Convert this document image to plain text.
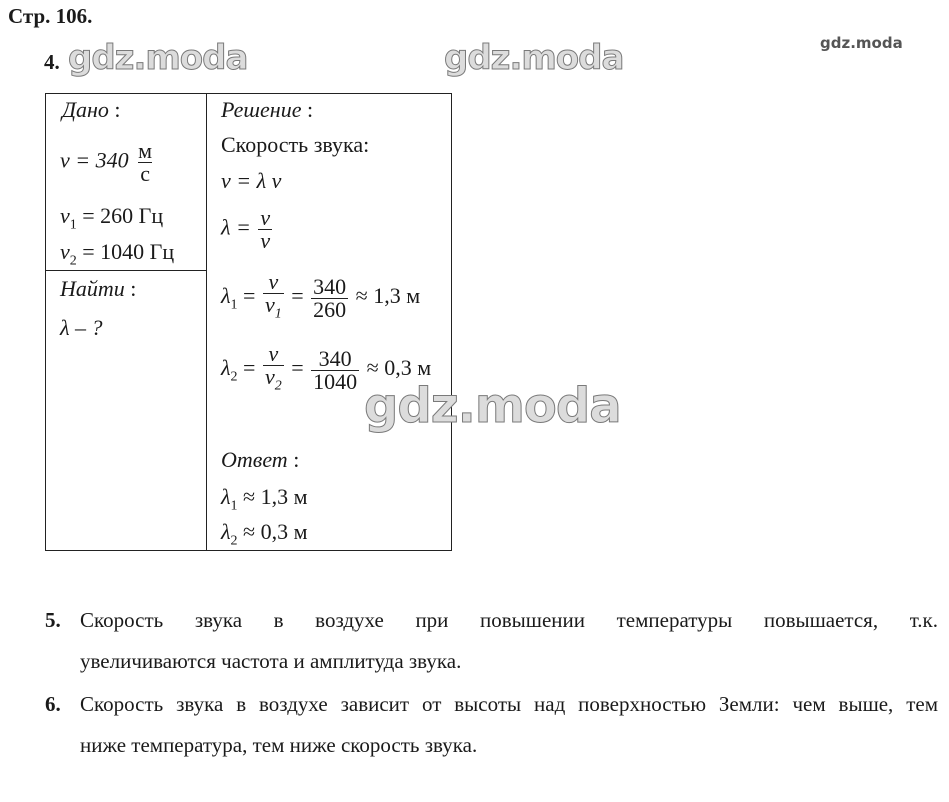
Стр. 106.
4. gdz.moda	gdz.moda	gdz.moda
Дано :
$v = 340 \frac{м}{с}$
$\nu_1 = 260$ Гц
$\nu_2 = 1040$ Гц
Найти :
λ – ?
Решение :
Скорость звука:
v = λ ν
$\lambda = \frac{v}{\nu}$
$\lambda_1 = \frac{v}{\nu_1} = \frac{340}{260} \approx 1,3$ м
$\lambda_2 = \frac{v}{\nu_2} = \frac{340}{1040} \approx 0,3$ м
gdz.moda
Ответ :
$\lambda_1 \approx 1,3$ м
$\lambda_2 \approx 0,3$ м
5. Скорость звука в воздухе при повышении температуры повышается, т.к.
увеличиваются частота и амплитуда звука.
6. Скорость звука в воздухе зависит от высоты над поверхностью Земли: чем выше, тем
ниже температура, тем ниже скорость звука.
